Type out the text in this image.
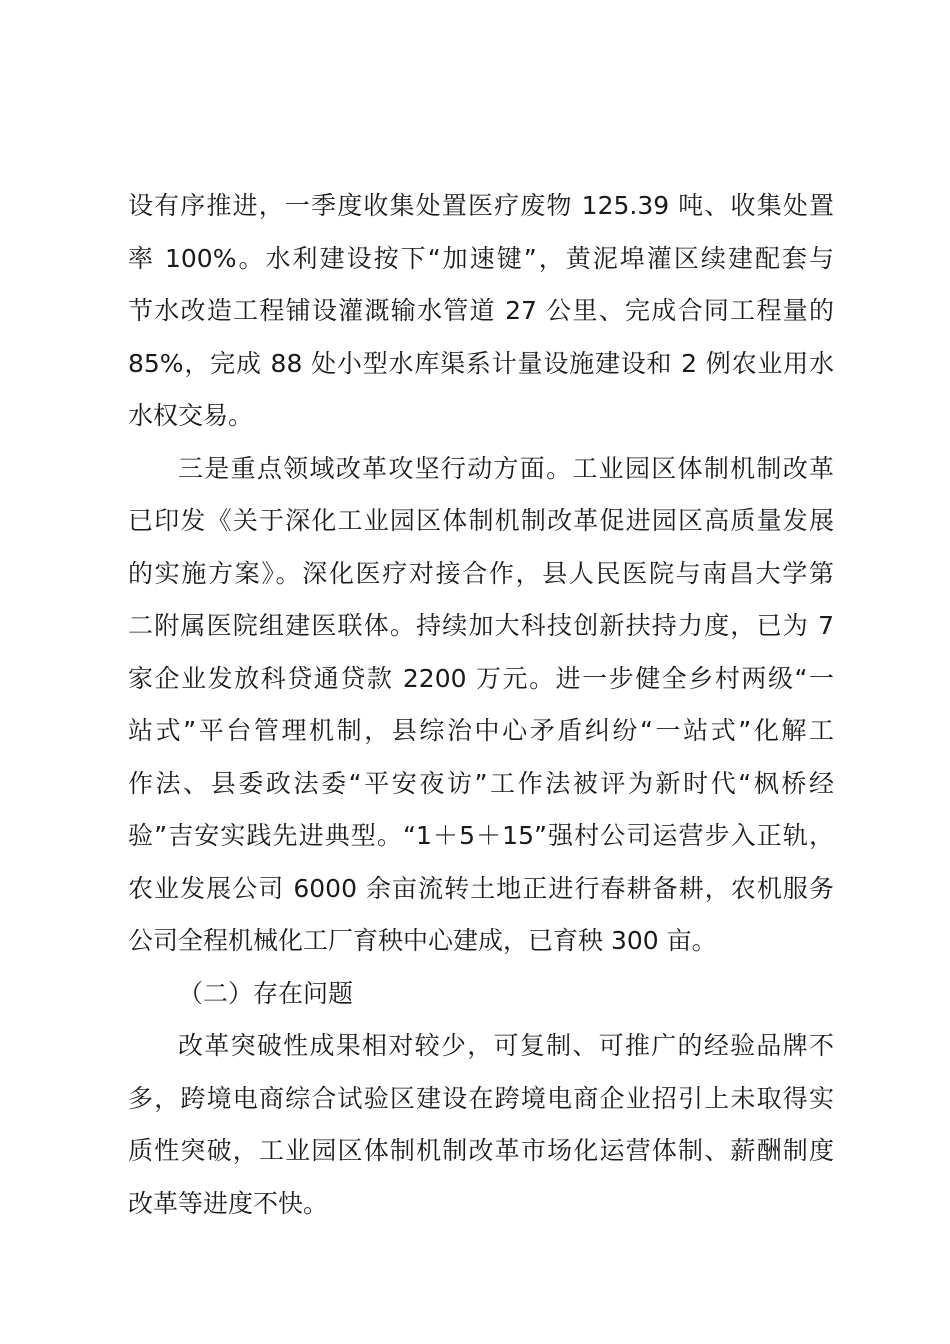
设有序推进，一季度收集处置医疗废物 125.39 吨、收集处置
率 100%。水利建设按下“加速键”，黄泥埠灌区续建配套与
节水改造工程铺设灌溉输水管道 27 公里、完成合同工程量的
85%，完成 88 处小型水库渠系计量设施建设和 2 例农业用水
水权交易。
三是重点领域改革攻坚行动方面。工业园区体制机制改革
已印发《关于深化工业园区体制机制改革促进园区高质量发展
的实施方案》。深化医疗对接合作，县人民医院与南昌大学第
二附属医院组建医联体。持续加大科技创新扶持力度，已为 7
家企业发放科贷通贷款 2200 万元。进一步健全乡村两级“一
站式”平台管理机制，县综治中心矛盾纠纷“一站式”化解工
作法、县委政法委“平安夜访”工作法被评为新时代“枫桥经
验”吉安实践先进典型。“1＋5＋15”强村公司运营步入正轨，
农业发展公司 6000 余亩流转土地正进行春耕备耕，农机服务
公司全程机械化工厂育秧中心建成，已育秧 300 亩。
（二）存在问题
改革突破性成果相对较少，可复制、可推广的经验品牌不
多，跨境电商综合试验区建设在跨境电商企业招引上未取得实
质性突破，工业园区体制机制改革市场化运营体制、薪酬制度
改革等进度不快。
